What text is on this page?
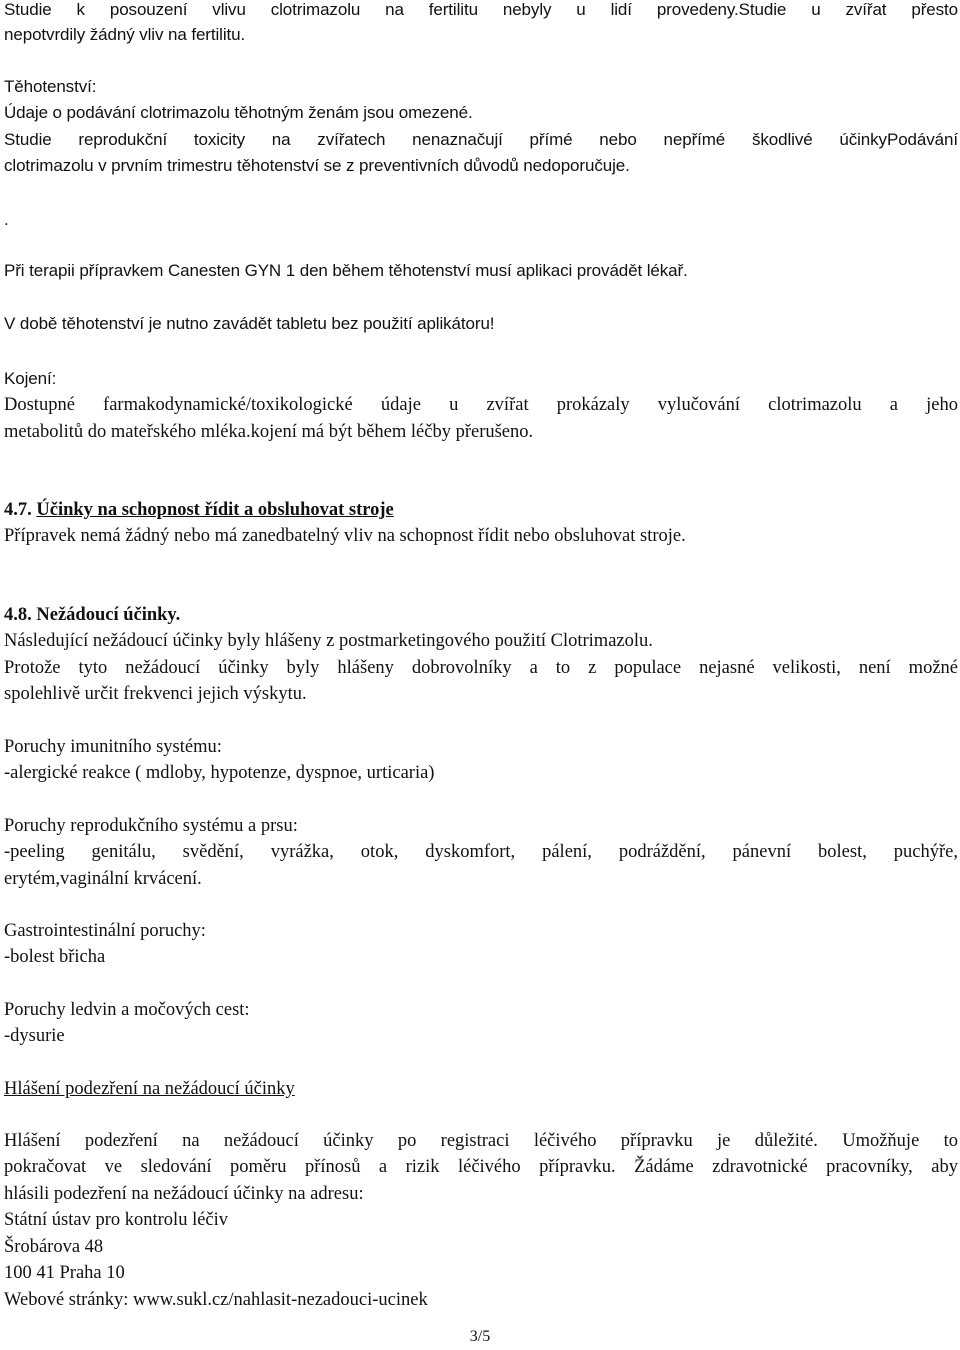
Studie k posouzení vlivu clotrimazolu na fertilitu nebyly u lidí provedeny.Studie u zvířat přesto
nepotvrdily žádný vliv na fertilitu.
Těhotenství:
Údaje o podávání clotrimazolu těhotným ženám jsou omezené.
Studie reprodukční toxicity na zvířatech nenaznačují přímé nebo nepřímé škodlivé účinkyPodávání
clotrimazolu v prvním trimestru těhotenství se z preventivních důvodů nedoporučuje.
.
Při terapii přípravkem Canesten GYN 1 den během těhotenství musí aplikaci provádět lékař.
V době těhotenství je nutno zavádět tabletu bez použití aplikátoru!
Kojení:
Dostupné farmakodynamické/toxikologické údaje u zvířat prokázaly vylučování clotrimazolu a jeho
metabolitů do mateřského mléka.kojení má být během léčby přerušeno.
4.7. Účinky na schopnost řídit a obsluhovat stroje
Přípravek nemá žádný nebo má zanedbatelný vliv na schopnost řídit nebo obsluhovat stroje.
4.8. Nežádoucí účinky.
Následující nežádoucí účinky byly hlášeny z postmarketingového použití Clotrimazolu.
Protože tyto nežádoucí účinky byly hlášeny dobrovolníky a to z populace nejasné velikosti, není možné
spolehlivě určit frekvenci jejich výskytu.
Poruchy imunitního systému:
-alergické reakce ( mdloby, hypotenze, dyspnoe, urticaria)
Poruchy reprodukčního systému a prsu:
-peeling genitálu, svědění, vyrážka, otok, dyskomfort, pálení, podráždění, pánevní bolest, puchýře,
erytém,vaginální krvácení.
Gastrointestinální poruchy:
-bolest břicha
Poruchy ledvin a močových cest:
-dysurie
Hlášení podezření na nežádoucí účinky
Hlášení podezření na nežádoucí účinky po registraci léčivého přípravku je důležité. Umožňuje to
pokračovat ve sledování poměru přínosů a rizik léčivého přípravku. Žádáme zdravotnické pracovníky, aby
hlásili podezření na nežádoucí účinky na adresu:
Státní ústav pro kontrolu léčiv
Šrobárova 48
100 41 Praha 10
Webové stránky: www.sukl.cz/nahlasit-nezadouci-ucinek
3/5
